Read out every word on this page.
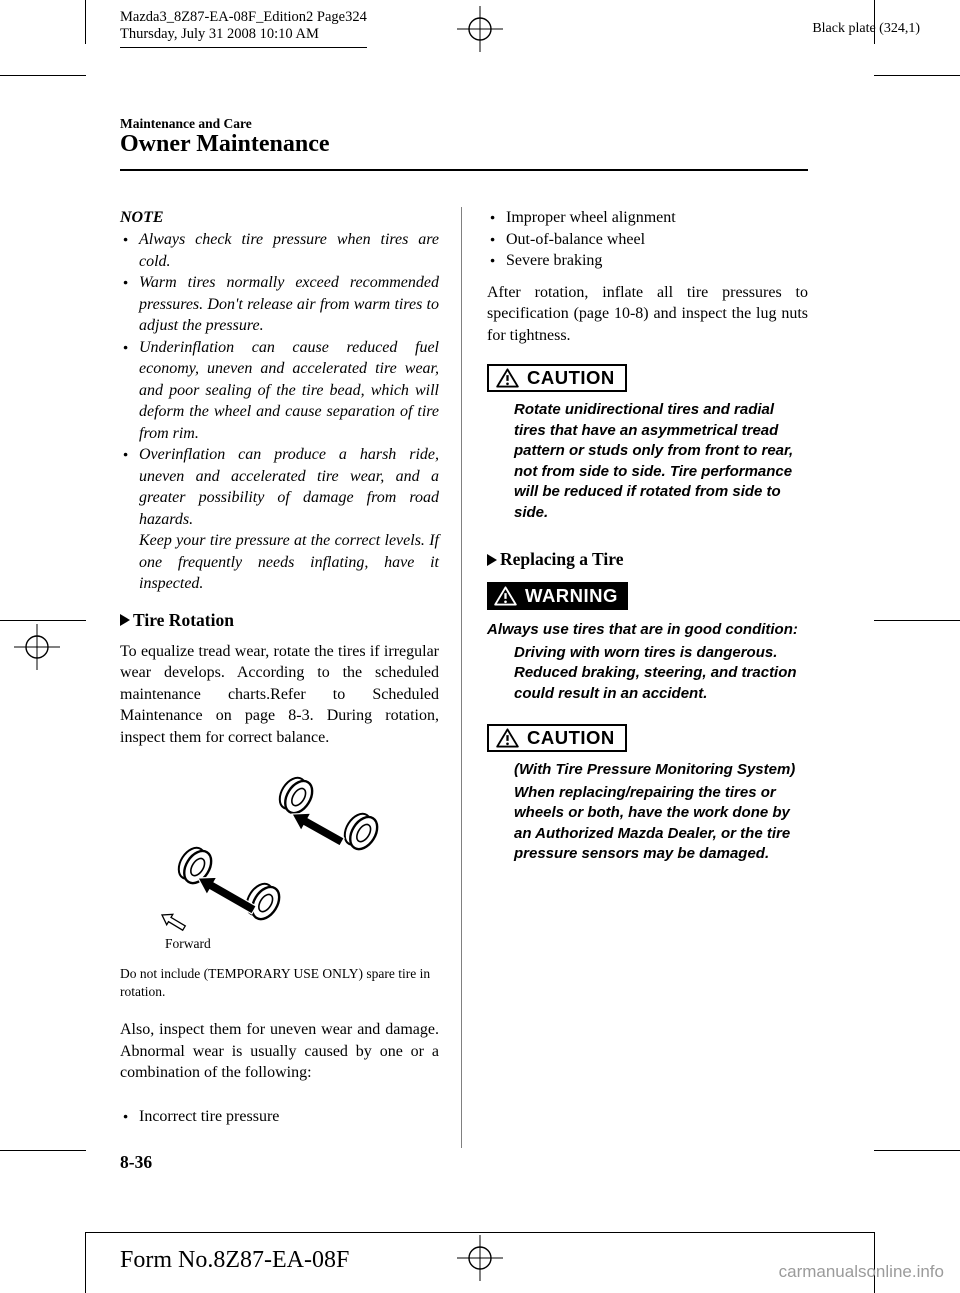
Mazda3_8Z87-EA-08F_Edition2 Page324
Thursday, July 31 2008 10:10 AM	Black plate (324,1)
Maintenance and Care
Owner Maintenance
NOTE
● Always check tire pressure when tires are cold.
● Warm tires normally exceed recommended pressures. Don't release air from warm tires to adjust the pressure.
● Underinflation can cause reduced fuel economy, uneven and accelerated tire wear, and poor sealing of the tire bead, which will deform the wheel and cause separation of tire from rim.
● Overinflation can produce a harsh ride, uneven and accelerated tire wear, and a greater possibility of damage from road hazards.
Keep your tire pressure at the correct levels. If one frequently needs inflating, have it inspected.
Tire Rotation
To equalize tread wear, rotate the tires if irregular wear develops. According to the scheduled maintenance charts.Refer to Scheduled Maintenance on page 8-3. During rotation, inspect them for correct balance.
Forward
Do not include (TEMPORARY USE ONLY) spare tire in rotation.
Also, inspect them for uneven wear and damage. Abnormal wear is usually caused by one or a combination of the following:
● Incorrect tire pressure
● Improper wheel alignment
● Out-of-balance wheel
● Severe braking
After rotation, inflate all tire pressures to specification (page 10-8) and inspect the lug nuts for tightness.
CAUTION
Rotate unidirectional tires and radial tires that have an asymmetrical tread pattern or studs only from front to rear, not from side to side. Tire performance will be reduced if rotated from side to side.
Replacing a Tire
WARNING
Always use tires that are in good condition:
Driving with worn tires is dangerous. Reduced braking, steering, and traction could result in an accident.
CAUTION
(With Tire Pressure Monitoring System)
When replacing/repairing the tires or wheels or both, have the work done by an Authorized Mazda Dealer, or the tire pressure sensors may be damaged.
8-36
Form No.8Z87-EA-08F	carmanualsonline.info
